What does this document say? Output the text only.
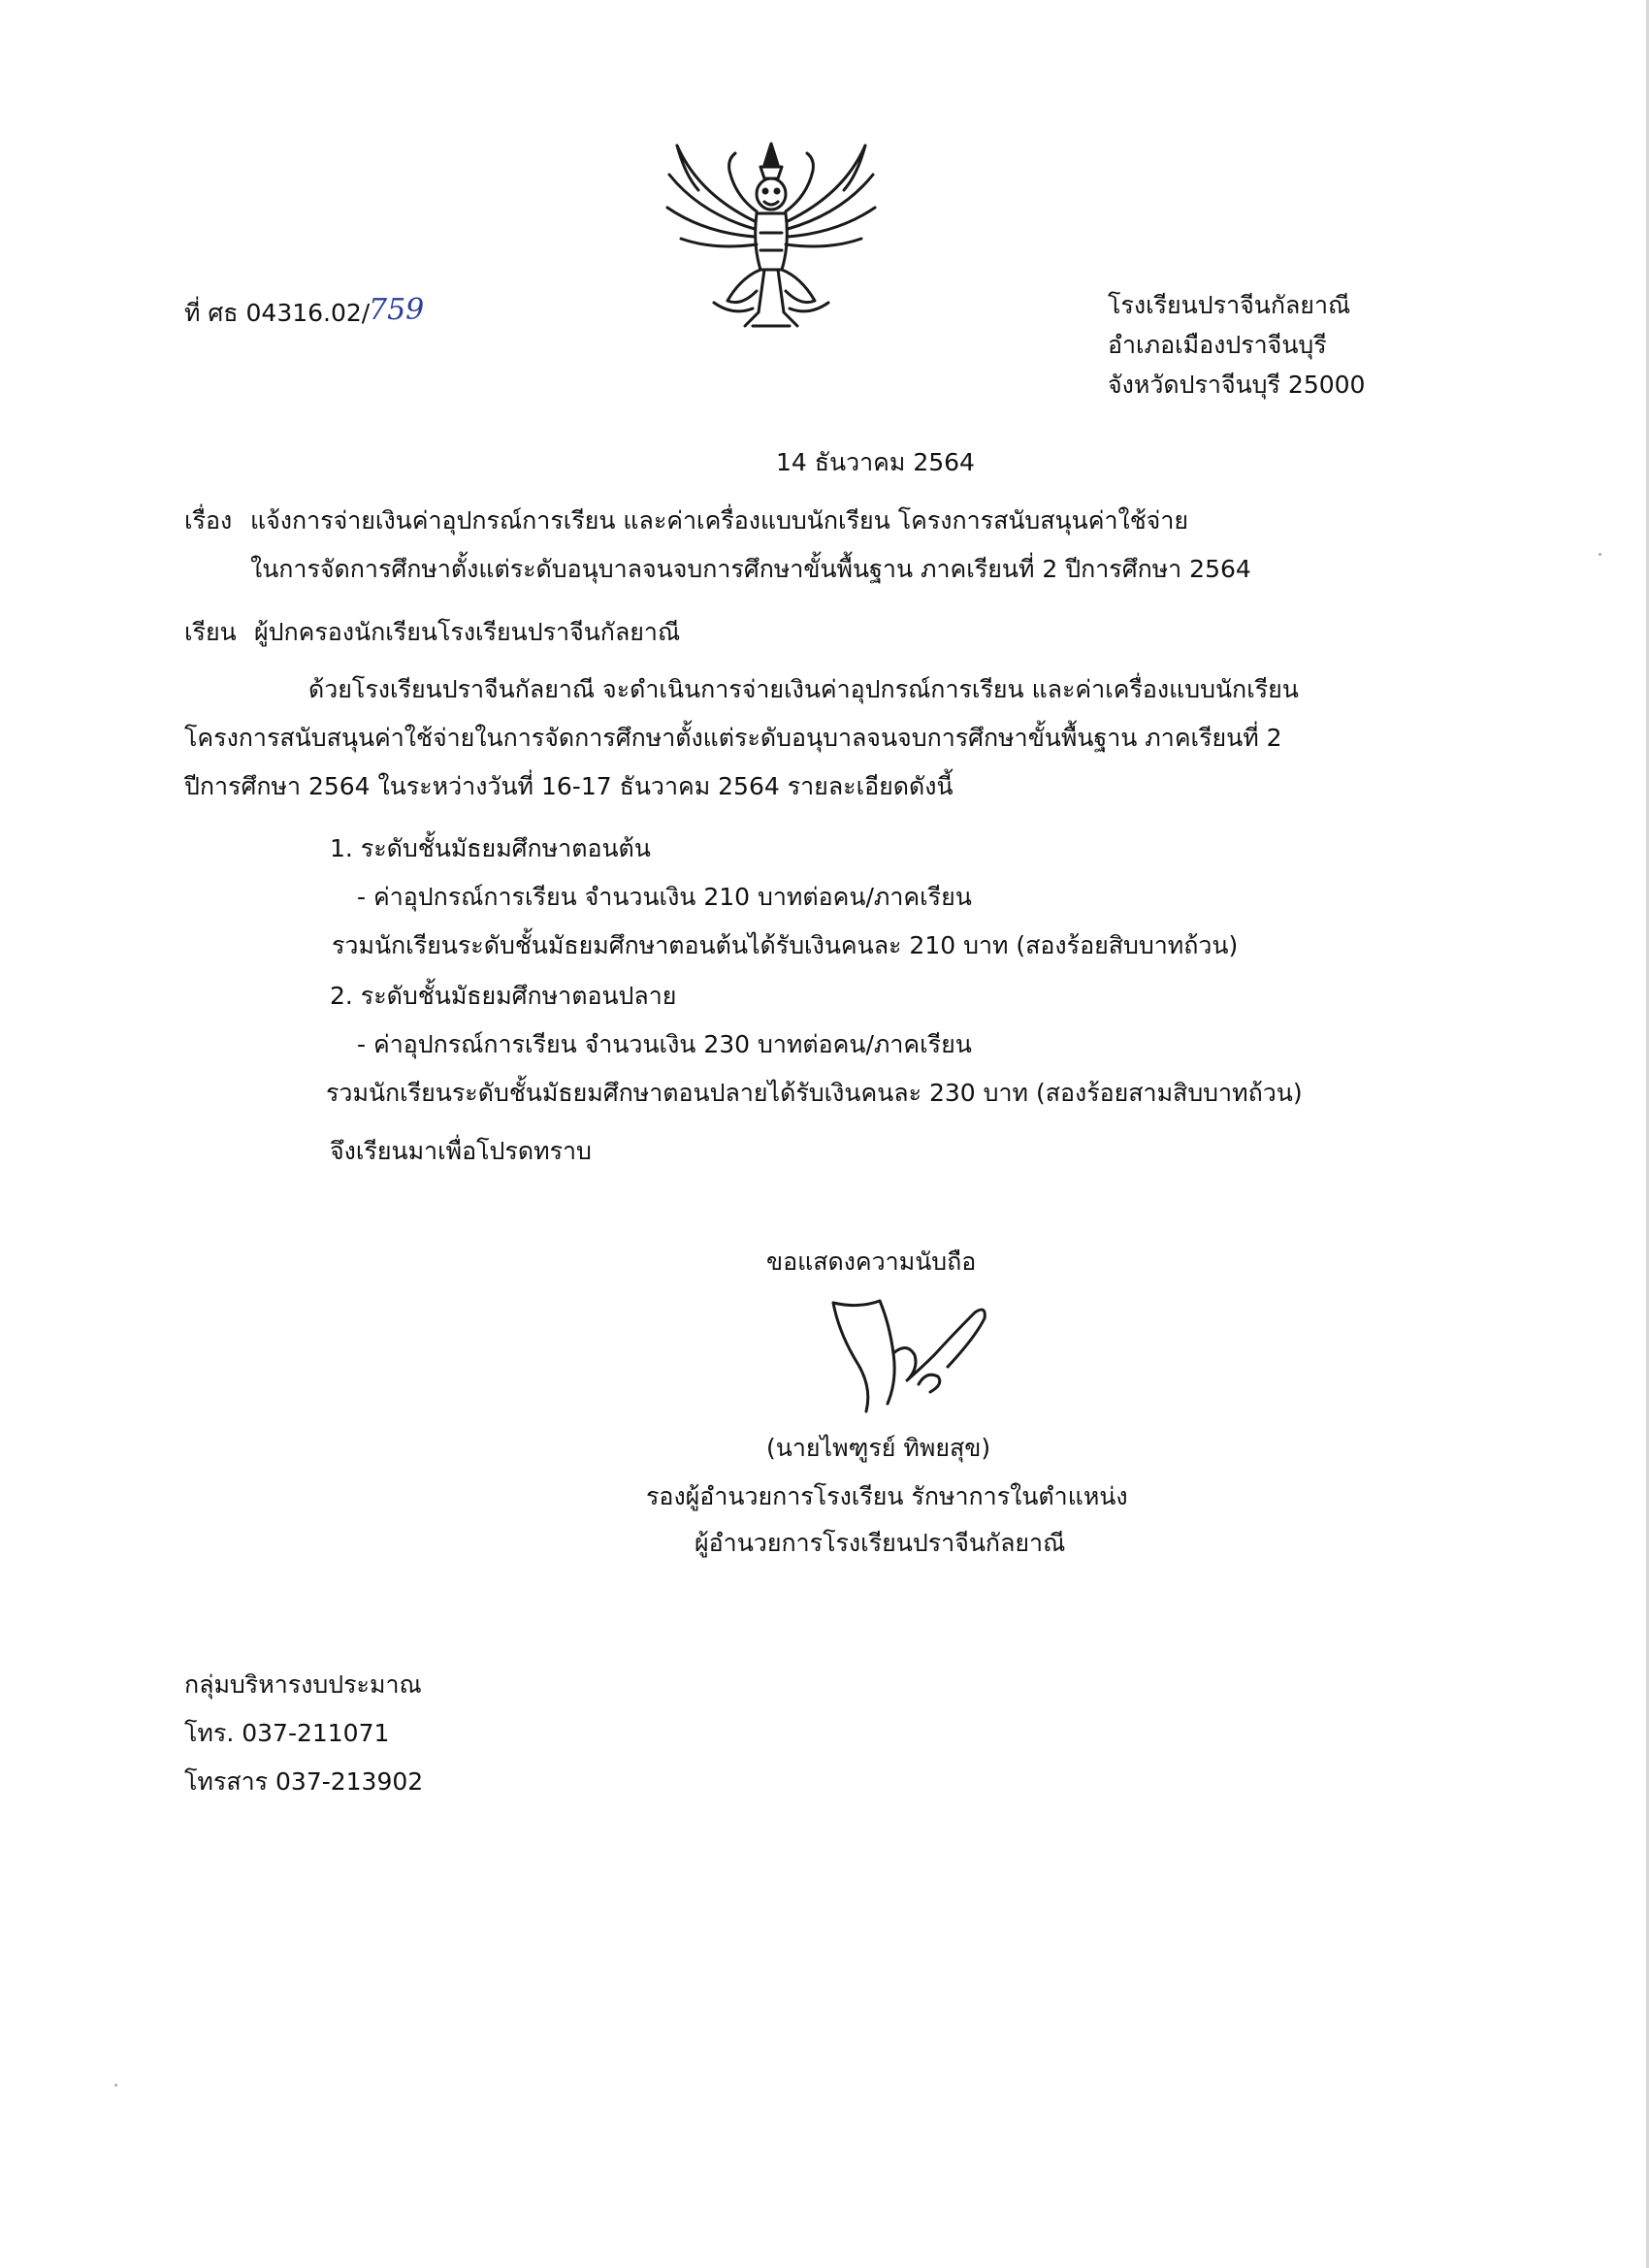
ที่ ศธ 04316.02/
759	โรงเรียนปราจีนกัลยาณี
อำเภอเมืองปราจีนบุรี
จังหวัดปราจีนบุรี 25000
14 ธันวาคม 2564
เรื่อง แจ้งการจ่ายเงินค่าอุปกรณ์การเรียน และค่าเครื่องแบบนักเรียน โครงการสนับสนุนค่าใช้จ่าย
ในการจัดการศึกษาตั้งแต่ระดับอนุบาลจนจบการศึกษาขั้นพื้นฐาน ภาคเรียนที่ 2 ปีการศึกษา 2564
เรียน ผู้ปกครองนักเรียนโรงเรียนปราจีนกัลยาณี
ด้วยโรงเรียนปราจีนกัลยาณี จะดำเนินการจ่ายเงินค่าอุปกรณ์การเรียน และค่าเครื่องแบบนักเรียน
โครงการสนับสนุนค่าใช้จ่ายในการจัดการศึกษาตั้งแต่ระดับอนุบาลจนจบการศึกษาขั้นพื้นฐาน ภาคเรียนที่ 2
ปีการศึกษา 2564 ในระหว่างวันที่ 16-17 ธันวาคม 2564 รายละเอียดดังนี้
1. ระดับชั้นมัธยมศึกษาตอนต้น
- ค่าอุปกรณ์การเรียน จำนวนเงิน 210 บาทต่อคน/ภาคเรียน
รวมนักเรียนระดับชั้นมัธยมศึกษาตอนต้นได้รับเงินคนละ 210 บาท (สองร้อยสิบบาทถ้วน)
2. ระดับชั้นมัธยมศึกษาตอนปลาย
- ค่าอุปกรณ์การเรียน จำนวนเงิน 230 บาทต่อคน/ภาคเรียน
รวมนักเรียนระดับชั้นมัธยมศึกษาตอนปลายได้รับเงินคนละ 230 บาท (สองร้อยสามสิบบาทถ้วน)
จึงเรียนมาเพื่อโปรดทราบ
ขอแสดงความนับถือ
(นายไพฑูรย์ ทิพยสุข)
รองผู้อำนวยการโรงเรียน รักษาการในตำแหน่ง
ผู้อำนวยการโรงเรียนปราจีนกัลยาณี
กลุ่มบริหารงบประมาณ
โทร. 037-211071
โทรสาร 037-213902
